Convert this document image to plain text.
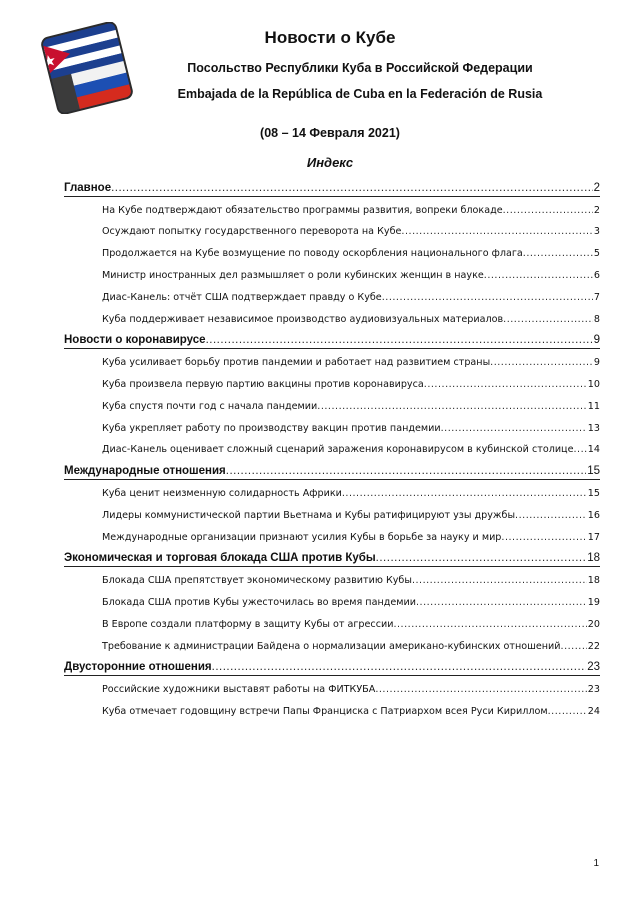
Новости о Кубе
Посольство Республики Куба в Российской Федерации
Embajada de la República de Cuba en la Federación de Rusia
(08 – 14 Февраля 2021)
Индекс
Главное .....	2
На Кубе подтверждают обязательство программы развития, вопреки блокаде .....	2
Осуждают попытку государственного переворота на Кубе .....	3
Продолжается на Кубе возмущение по поводу оскорбления национального флага .....	5
Министр иностранных дел размышляет о роли кубинских женщин в науке .....	6
Диас-Канель: отчёт США подтверждает правду о Кубе .....	7
Куба поддерживает независимое производство аудиовизуальных материалов .....	8
Новости о коронавирусе .....	9
Куба усиливает борьбу против пандемии и работает над развитием страны .....	9
Куба произвела первую партию вакцины против коронавируса .....	10
Куба спустя почти год с начала пандемии .....	11
Куба укрепляет работу по производству вакцин против пандемии .....	13
Диас-Канель оценивает сложный сценарий заражения коронавирусом в кубинской столице ..... 14
Международные отношения .....	15
Куба ценит неизменную солидарность Африки .....	15
Лидеры коммунистической партии Вьетнама и Кубы ратифицируют узы дружбы .....	16
Международные организации признают усилия Кубы в борьбе за науку и мир .....	17
Экономическая и торговая блокада США против Кубы .....	18
Блокада США препятствует экономическому развитию Кубы .....	18
Блокада США против Кубы ужесточилась во время пандемии .....	19
В Европе создали платформу в защиту Кубы от агрессии .....	20
Требование к администрации Байдена о нормализации американо-кубинских отношений .....	22
Двусторонние отношения .....	23
Российские художники выставят работы на ФИТКУБА .....	23
Куба отмечает годовщину встречи Папы Франциска с Патриархом всея Руси Кириллом .....	24
1
